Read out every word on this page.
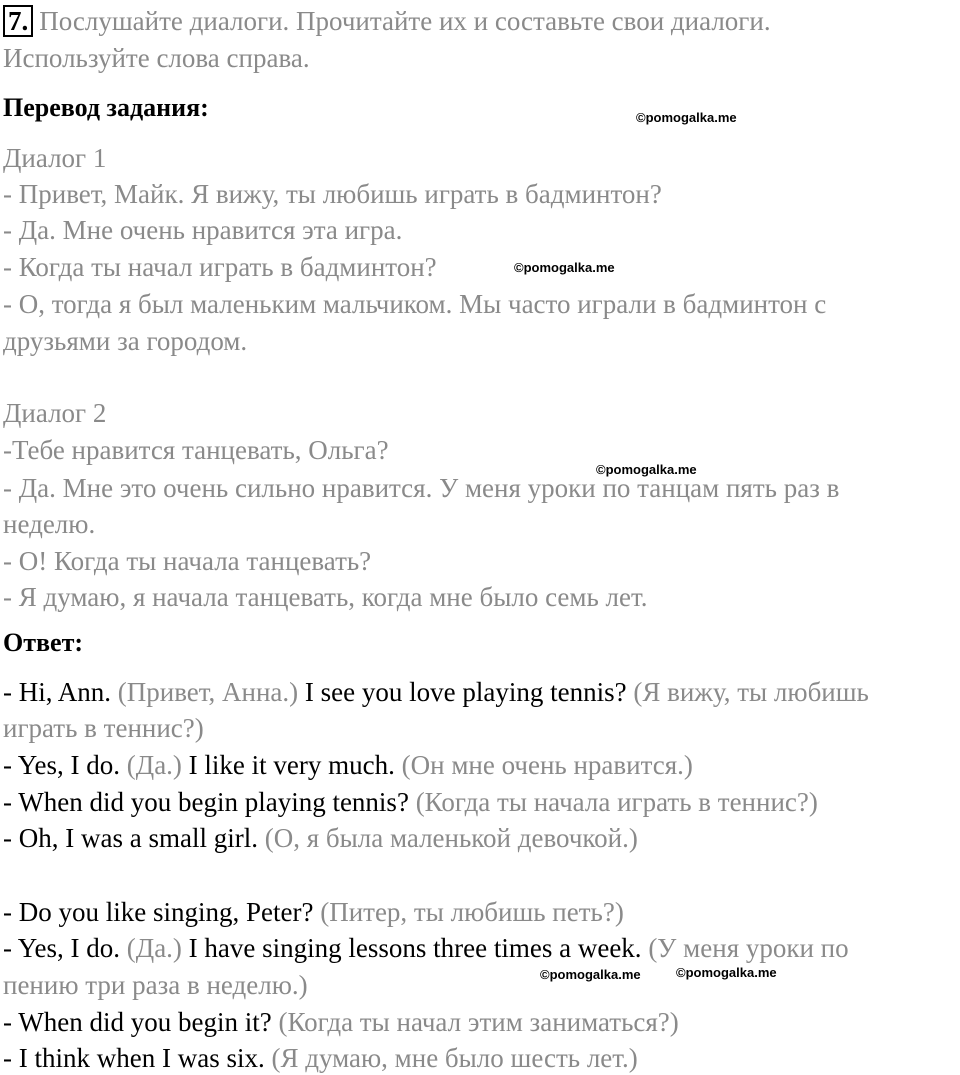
7. Послушайте диалоги. Прочитайте их и составьте свои диалоги.
Используйте слова справа.
Перевод задания:	©pomogalka.me
Диалог 1
- Привет, Майк. Я вижу, ты любишь играть в бадминтон?
- Да. Мне очень нравится эта игра.
- Когда ты начал играть в бадминтон?	©pomogalka.me
- О, тогда я был маленьким мальчиком. Мы часто играли в бадминтон с
друзьями за городом.
Диалог 2
-Тебе нравится танцевать, Ольга?
©pomogalka.me
- Да. Мне это очень сильно нравится. У меня уроки по танцам пять раз в
неделю.
- О! Когда ты начала танцевать?
- Я думаю, я начала танцевать, когда мне было семь лет.
Ответ:
- Hi, Ann. (Привет, Анна.) I see you love playing tennis? (Я вижу, ты любишь
играть в теннис?)
- Yes, I do. (Да.) I like it very much. (Он мне очень нравится.)
- When did you begin playing tennis? (Когда ты начала играть в теннис?)
- Oh, I was a small girl. (О, я была маленькой девочкой.)
- Do you like singing, Peter? (Питер, ты любишь петь?)
- Yes, I do. (Да.) I have singing lessons three times a week. (У меня уроки по
©pomogalka.me	©pomogalka.me
пению три раза в неделю.)
- When did you begin it? (Когда ты начал этим заниматься?)
- I think when I was six. (Я думаю, мне было шесть лет.)
